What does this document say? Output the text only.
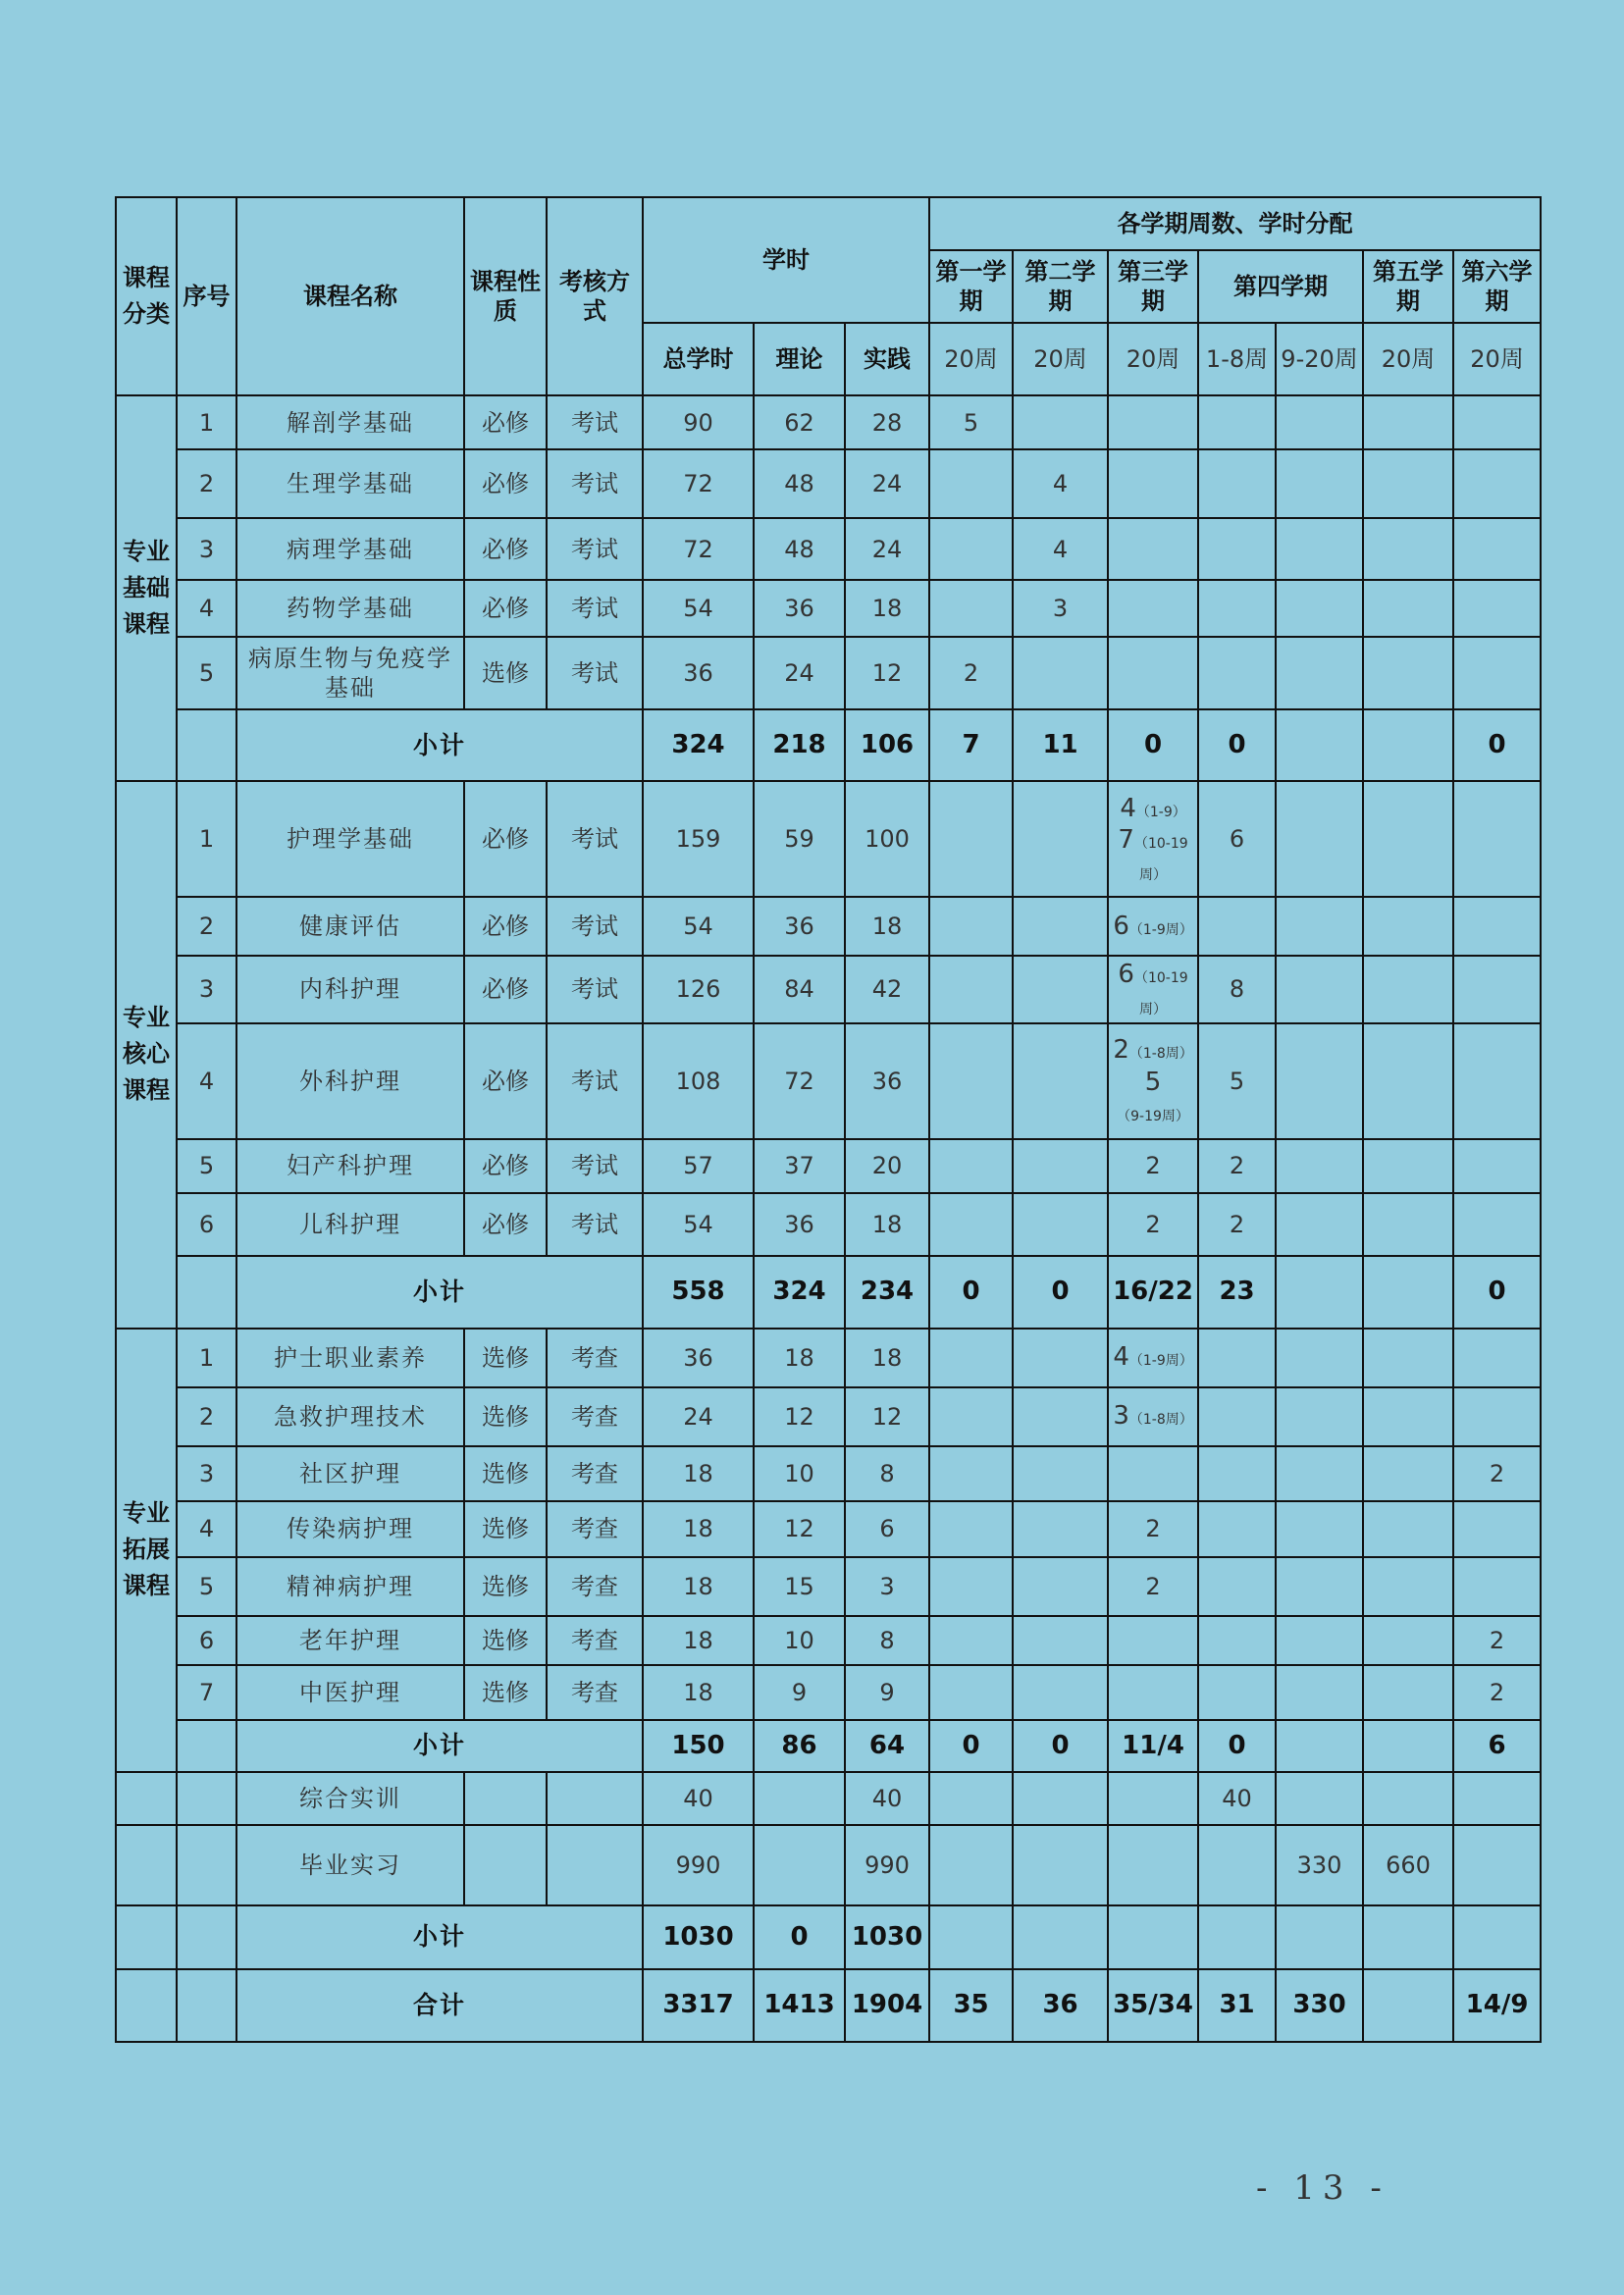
课程分类	序号	课程名称	课程性质	考核方式	学时			各学期周数、学时分配						
								第一学期	第二学期	第三学期	第四学期		第五学期	第六学期
					总学时	理论	实践	20周	20周	20周	1-8周	9-20周	20周	20周
专业基础课程	1	解剖学基础	必修	考试	90	62	28	5						
	2	生理学基础	必修	考试	72	48	24		4					
	3	病理学基础	必修	考试	72	48	24		4					
	4	药物学基础	必修	考试	54	36	18		3					
	5	病原生物与免疫学基础	选修	考试	36	24	12	2						
		小计			324	218	106	7	11	0	0			0
专业核心课程	1	护理学基础	必修	考试	159	59	100			4（1-9）7（10-19周）	6			
	2	健康评估	必修	考试	54	36	18			6（1-9周）				
	3	内科护理	必修	考试	126	84	42			6（10-19周）	8			
	4	外科护理	必修	考试	108	72	36			2（1-8周）5（9-19周）	5			
	5	妇产科护理	必修	考试	57	37	20			2	2			
	6	儿科护理	必修	考试	54	36	18			2	2			
		小计			558	324	234	0	0	16/22	23			0
专业拓展课程	1	护士职业素养	选修	考查	36	18	18			4（1-9周）				
	2	急救护理技术	选修	考查	24	12	12			3（1-8周）				
	3	社区护理	选修	考查	18	10	8							2
	4	传染病护理	选修	考查	18	12	6			2				
	5	精神病护理	选修	考查	18	15	3			2				
	6	老年护理	选修	考查	18	10	8							2
	7	中医护理	选修	考查	18	9	9							2
		小计			150	86	64	0	0	11/4	0			6
		综合实训			40		40				40			
		毕业实习			990		990					330	660	
		小计			1030	0	1030							
		合计			3317	1413	1904	35	36	35/34	31	330		14/9
- 13 -
